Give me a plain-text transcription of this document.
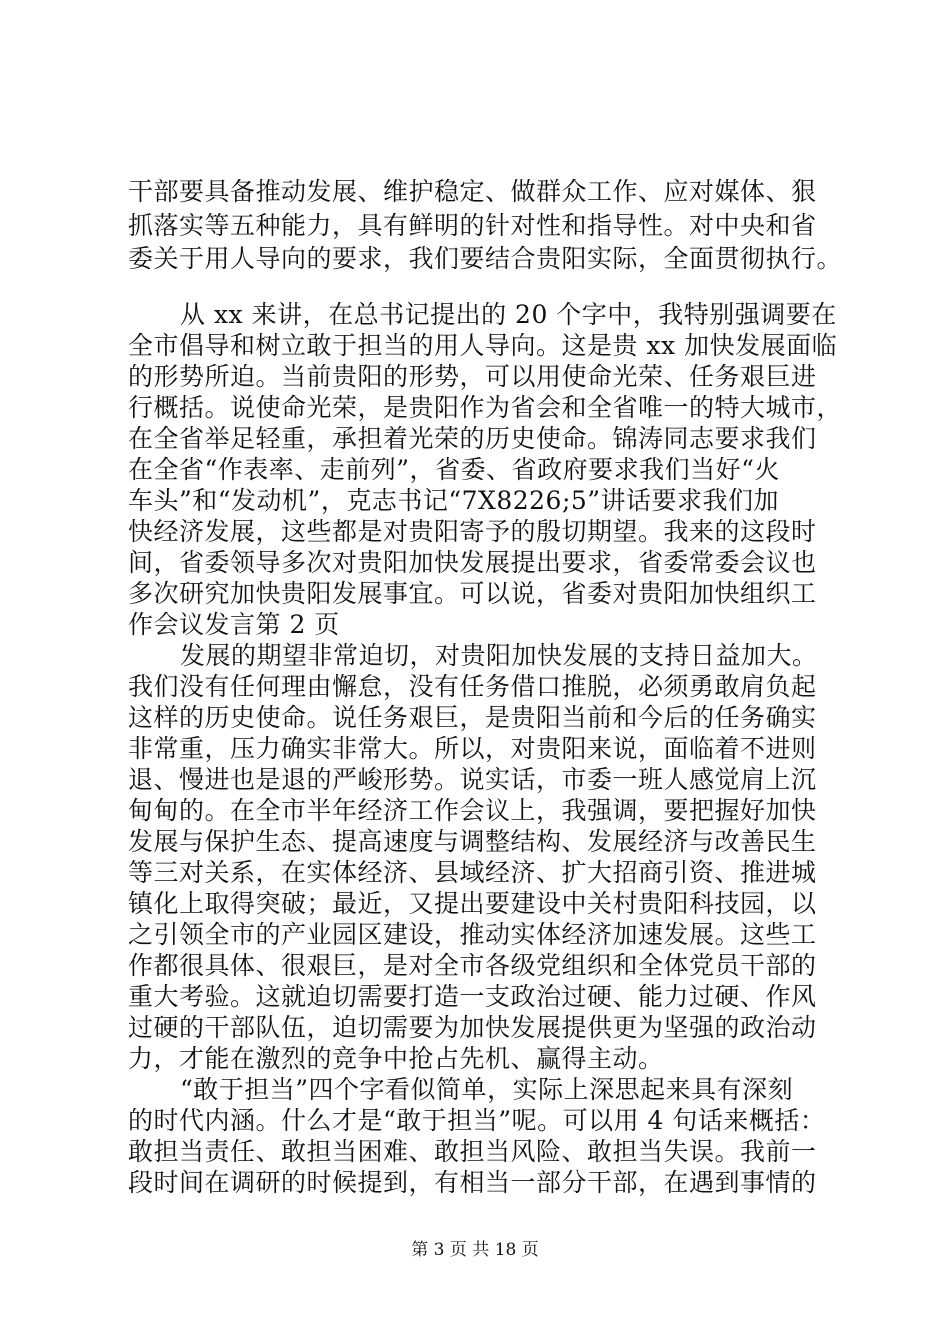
干部要具备推动发展、维护稳定、做群众工作、应对媒体、狠
抓落实等五种能力，具有鲜明的针对性和指导性。对中央和省
委关于用人导向的要求，我们要结合贵阳实际，全面贯彻执行。
从 xx 来讲，在总书记提出的 20 个字中，我特别强调要在
全市倡导和树立敢于担当的用人导向。这是贵 xx 加快发展面临
的形势所迫。当前贵阳的形势，可以用使命光荣、任务艰巨进
行概括。说使命光荣，是贵阳作为省会和全省唯一的特大城市，
在全省举足轻重，承担着光荣的历史使命。锦涛同志要求我们
在全省“作表率、走前列”，省委、省政府要求我们当好“火
车头”和“发动机”，克志书记“7X8226;5”讲话要求我们加
快经济发展，这些都是对贵阳寄予的殷切期望。我来的这段时
间，省委领导多次对贵阳加快发展提出要求，省委常委会议也
多次研究加快贵阳发展事宜。可以说，省委对贵阳加快组织工
作会议发言第 2 页
发展的期望非常迫切，对贵阳加快发展的支持日益加大。
我们没有任何理由懈怠，没有任务借口推脱，必须勇敢肩负起
这样的历史使命。说任务艰巨，是贵阳当前和今后的任务确实
非常重，压力确实非常大。所以，对贵阳来说，面临着不进则
退、慢进也是退的严峻形势。说实话，市委一班人感觉肩上沉
甸甸的。在全市半年经济工作会议上，我强调，要把握好加快
发展与保护生态、提高速度与调整结构、发展经济与改善民生
等三对关系，在实体经济、县域经济、扩大招商引资、推进城
镇化上取得突破；最近，又提出要建设中关村贵阳科技园，以
之引领全市的产业园区建设，推动实体经济加速发展。这些工
作都很具体、很艰巨，是对全市各级党组织和全体党员干部的
重大考验。这就迫切需要打造一支政治过硬、能力过硬、作风
过硬的干部队伍，迫切需要为加快发展提供更为坚强的政治动
力，才能在激烈的竞争中抢占先机、赢得主动。
“敢于担当”四个字看似简单，实际上深思起来具有深刻
的时代内涵。什么才是“敢于担当”呢。可以用 4 句话来概括：
敢担当责任、敢担当困难、敢担当风险、敢担当失误。我前一
第 3 页 共 18 页
段时间在调研的时候提到，有相当一部分干部，在遇到事情的
